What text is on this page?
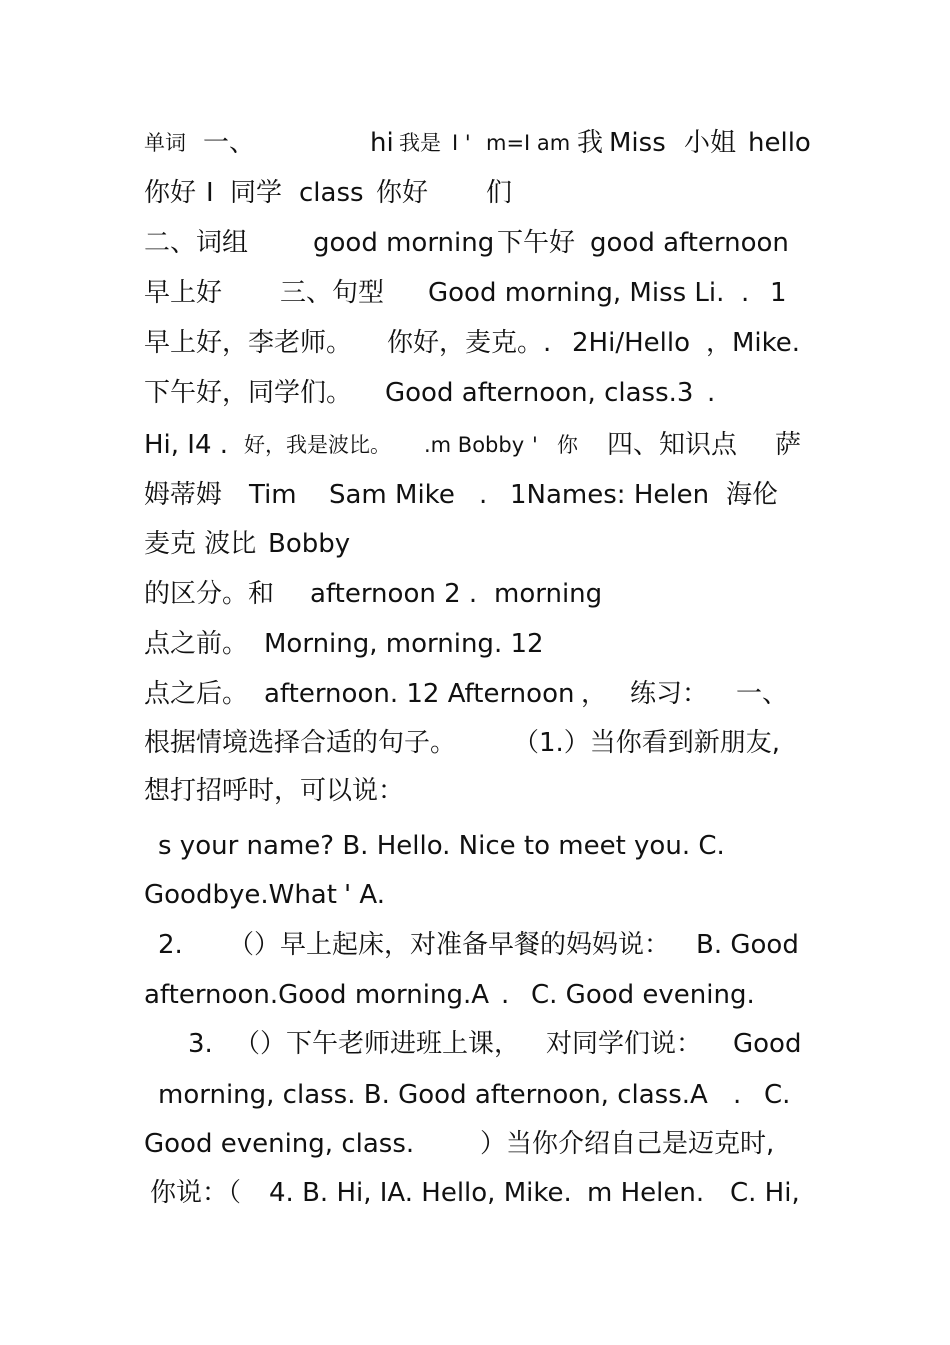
单词 一、	hi 我是 I ' m=I am 我 Miss 小姐 hello
你好 I 同学 class 你好 们
二、词组 good morning 下午好 good afternoon
早上好 三、句型 Good morning, Miss Li. . 1
早上好，李老师。 你好，麦克。. 2Hi/Hello ，Mike.
下午好，同学们。 Good afternoon, class.3 .
Hi, I4 . 好，我是波比。 .m Bobby ' 你 四、知识点 萨
姆蒂姆 Tim Sam Mike . 1Names: Helen 海伦
麦克 波比 Bobby
的区分。和 afternoon 2 . morning
点之前。 Morning, morning. 12
点之后。 afternoon. 12 Afternoon ， 练习： 一、
根据情境选择合适的句子。 （1.）当你看到新朋友,
想打招呼时，可以说：
s your name? B. Hello. Nice to meet you. C.
Goodbye.What ' A.
2. （）早上起床，对准备早餐的妈妈说： B. Good
afternoon.Good morning.A . C. Good evening.
3. （）下午老师进班上课， 对同学们说： Good
morning, class. B. Good afternoon, class.A . C.
Good evening, class.	）当你介绍自己是迈克时,
你说：（ 4. B. Hi, IA. Hello, Mike. m Helen. C. Hi,
